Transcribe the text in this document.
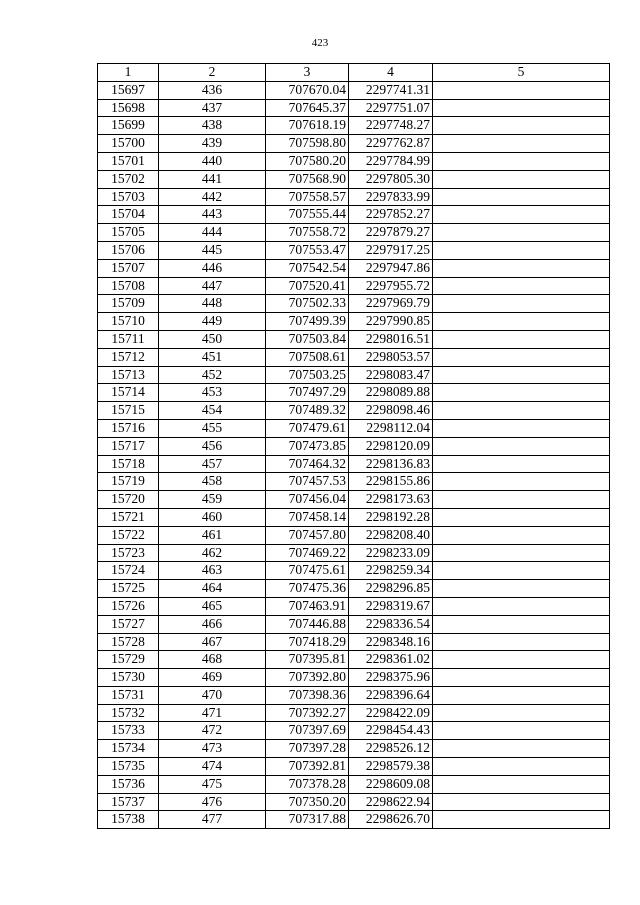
423
1	2	3	4	5
15697	436	707670.04	2297741.31	
15698	437	707645.37	2297751.07	
15699	438	707618.19	2297748.27	
15700	439	707598.80	2297762.87	
15701	440	707580.20	2297784.99	
15702	441	707568.90	2297805.30	
15703	442	707558.57	2297833.99	
15704	443	707555.44	2297852.27	
15705	444	707558.72	2297879.27	
15706	445	707553.47	2297917.25	
15707	446	707542.54	2297947.86	
15708	447	707520.41	2297955.72	
15709	448	707502.33	2297969.79	
15710	449	707499.39	2297990.85	
15711	450	707503.84	2298016.51	
15712	451	707508.61	2298053.57	
15713	452	707503.25	2298083.47	
15714	453	707497.29	2298089.88	
15715	454	707489.32	2298098.46	
15716	455	707479.61	2298112.04	
15717	456	707473.85	2298120.09	
15718	457	707464.32	2298136.83	
15719	458	707457.53	2298155.86	
15720	459	707456.04	2298173.63	
15721	460	707458.14	2298192.28	
15722	461	707457.80	2298208.40	
15723	462	707469.22	2298233.09	
15724	463	707475.61	2298259.34	
15725	464	707475.36	2298296.85	
15726	465	707463.91	2298319.67	
15727	466	707446.88	2298336.54	
15728	467	707418.29	2298348.16	
15729	468	707395.81	2298361.02	
15730	469	707392.80	2298375.96	
15731	470	707398.36	2298396.64	
15732	471	707392.27	2298422.09	
15733	472	707397.69	2298454.43	
15734	473	707397.28	2298526.12	
15735	474	707392.81	2298579.38	
15736	475	707378.28	2298609.08	
15737	476	707350.20	2298622.94	
15738	477	707317.88	2298626.70	
